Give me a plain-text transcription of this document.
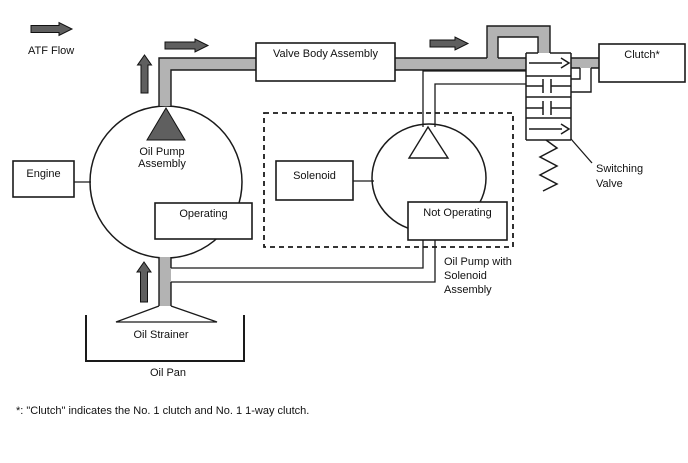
ATF Flow
Engine
Valve Body Assembly	Clutch*
Oil Pump Assembly
Operating
Solenoid
Not Operating
Oil Pump with Solenoid Assembly
Switching Valve
Oil Strainer
Oil Pan
*: "Clutch" indicates the No. 1 clutch and No. 1 1-way clutch.
